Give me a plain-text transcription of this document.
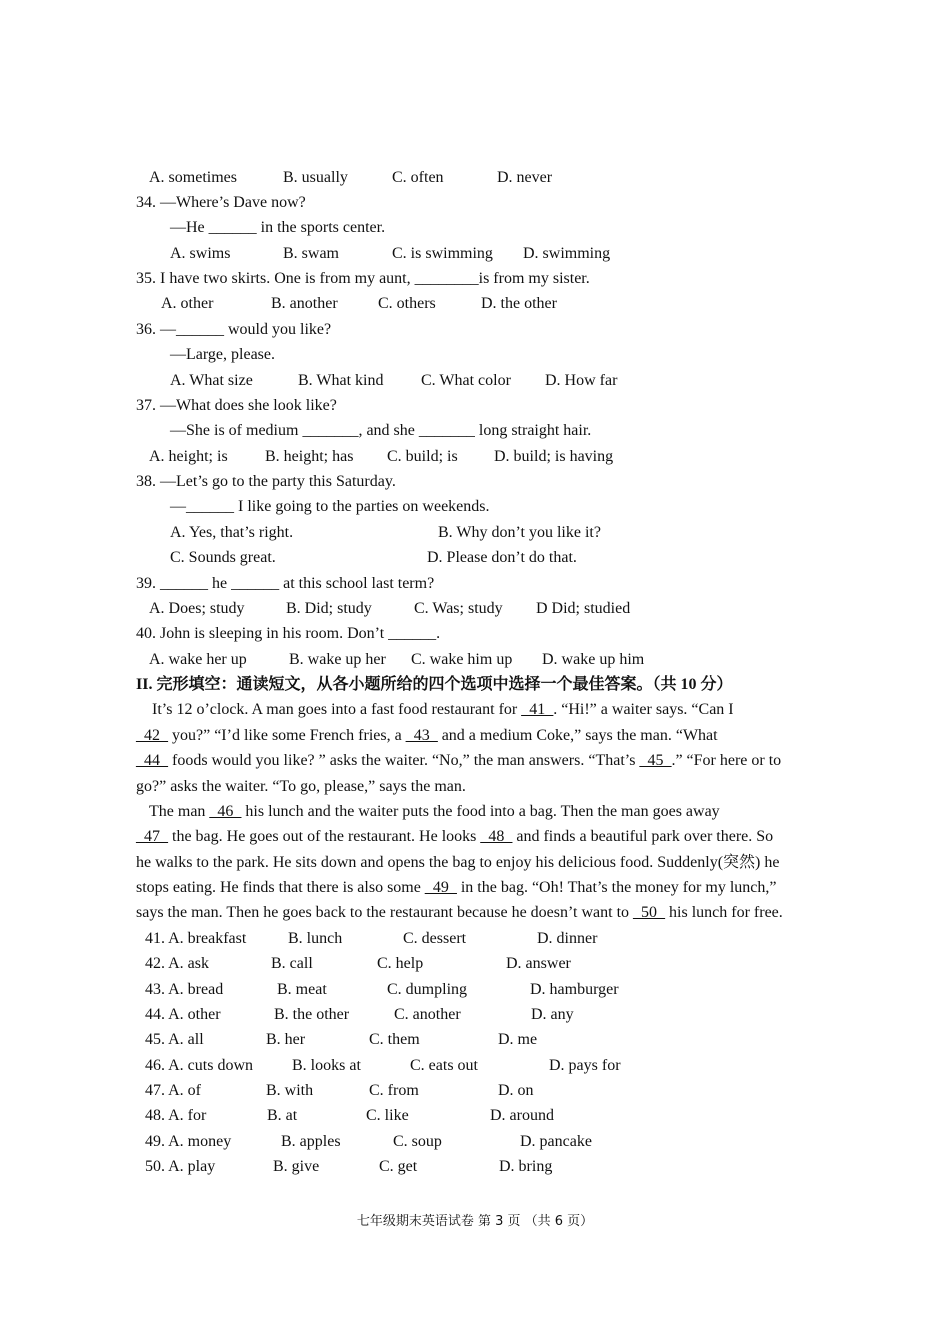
A. sometimes	B. usually	C. often	D. never
34. —Where’s Dave now?
—He ______ in the sports center.
A. swims	B. swam	C. is swimming D. swimming
35. I have two skirts. One is from my aunt, ________is from my sister.
A. other	B. another	C. others	D. the other
36. —______ would you like?
—Large, please.
A. What size	B. What kind C. What color D. How far
37. —What does she look like?
—She is of medium _______, and she _______ long straight hair.
A. height; is B. height; has C. build; is D. build; is having
38. —Let’s go to the party this Saturday.
—______ I like going to the parties on weekends.
A. Yes, that’s right.	B. Why don’t you like it?
C. Sounds great.	D. Please don’t do that.
39. ______ he ______ at this school last term?
A. Does; study	B. Did; study	C. Was; study D Did; studied
40. John is sleeping in his room. Don’t ______.
A. wake her up	B. wake up her C. wake him up D. wake up him
II. 完形填空：通读短文，从各小题所给的四个选项中选择一个最佳答案。（共 10 分）
It’s 12 o’clock. A man goes into a fast food restaurant for _41_. “Hi!” a waiter says. “Can I
_42_ you?” “I’d like some French fries, a _43_ and a medium Coke,” says the man. “What
_44_ foods would you like? ” asks the waiter. “No,” the man answers. “That’s _45_.” “For here or to
go?” asks the waiter. “To go, please,” says the man.
The man _46_ his lunch and the waiter puts the food into a bag. Then the man goes away
_47_ the bag. He goes out of the restaurant. He looks _48_ and finds a beautiful park over there. So
he walks to the park. He sits down and opens the bag to enjoy his delicious food. Suddenly(突然) he
stops eating. He finds that there is also some _49_ in the bag. “Oh! That’s the money for my lunch,”
says the man. Then he goes back to the restaurant because he doesn’t want to _50_ his lunch for free.
41. A. breakfast	B. lunch	C. dessert	D. dinner
42. A. ask	B. call	C. help	D. answer
43. A. bread	B. meat	C. dumpling	D. hamburger
44. A. other	B. the other	C. another	D. any
45. A. all	B. her	C. them	D. me
46. A. cuts down B. looks at	C. eats out	D. pays for
47. A. of	B. with	C. from	D. on
48. A. for	B. at	C. like	D. around
49. A. money	B. apples	C. soup	D. pancake
50. A. play	B. give	C. get	D. bring
七年级期末英语试卷 第 3 页 （共 6 页）
